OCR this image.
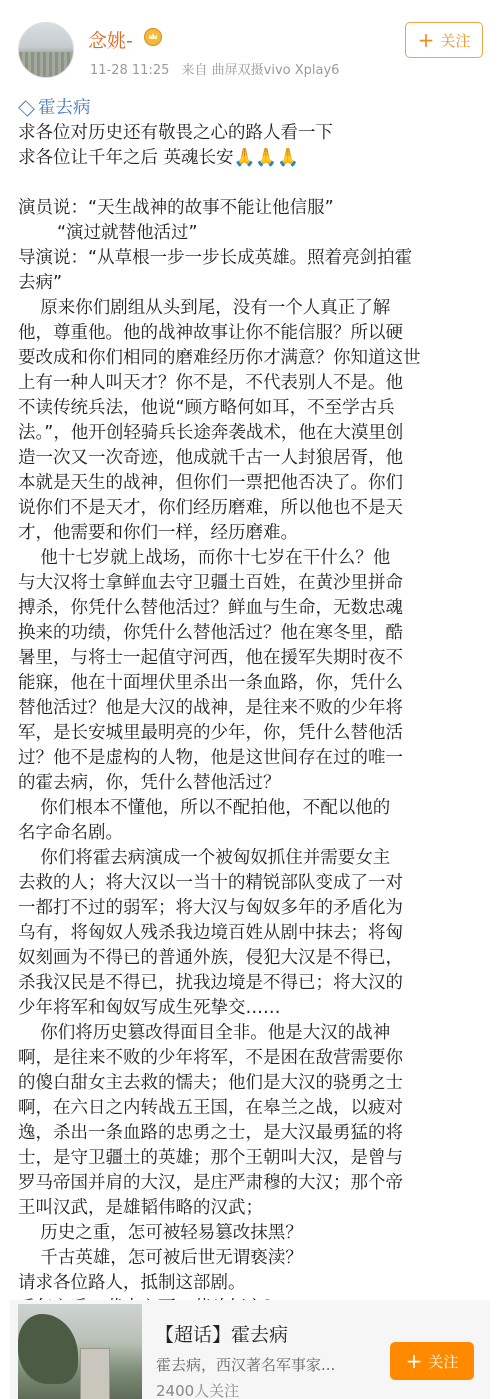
念姚-
11-28 11:25 来自 曲屏双摄vivo Xplay6
+ 关注
霍去病
求各位对历史还有敬畏之心的路人看一下
求各位让千年之后 英魂长安🙏🙏🙏

演员说：“天生战神的故事不能让他信服”
“演过就替他活过”
导演说：“从草根一步一步长成英雄。照着亮剑拍霍
去病”
原来你们剧组从头到尾，没有一个人真正了解
他，尊重他。他的战神故事让你不能信服？所以硬
要改成和你们相同的磨难经历你才满意？你知道这世
上有一种人叫天才？你不是，不代表别人不是。他
不读传统兵法，他说“顾方略何如耳，不至学古兵
法。”，他开创轻骑兵长途奔袭战术，他在大漠里创
造一次又一次奇迹，他成就千古一人封狼居胥，他
本就是天生的战神，但你们一票把他否决了。你们
说你们不是天才，你们经历磨难，所以他也不是天
才，他需要和你们一样，经历磨难。
他十七岁就上战场，而你十七岁在干什么？他
与大汉将士拿鲜血去守卫疆土百姓，在黄沙里拼命
搏杀，你凭什么替他活过？鲜血与生命，无数忠魂
换来的功绩，你凭什么替他活过？他在寒冬里，酷
暑里，与将士一起值守河西，他在援军失期时夜不
能寐，他在十面埋伏里杀出一条血路，你，凭什么
替他活过？他是大汉的战神，是往来不败的少年将
军，是长安城里最明亮的少年，你，凭什么替他活
过？他不是虚构的人物，他是这世间存在过的唯一
的霍去病，你，凭什么替他活过？
你们根本不懂他，所以不配拍他，不配以他的
名字命名剧。
你们将霍去病演成一个被匈奴抓住并需要女主
去救的人；将大汉以一当十的精锐部队变成了一对
一都打不过的弱军；将大汉与匈奴多年的矛盾化为
乌有，将匈奴人残杀我边境百姓从剧中抹去；将匈
奴刻画为不得已的普通外族，侵犯大汉是不得已，
杀我汉民是不得已，扰我边境是不得已；将大汉的
少年将军和匈奴写成生死挚交……
你们将历史篡改得面目全非。他是大汉的战神
啊，是往来不败的少年将军，不是困在敌营需要你
的傻白甜女主去救的懦夫；他们是大汉的骁勇之士
啊，在六日之内转战五王国，在皋兰之战，以疲对
逸，杀出一条血路的忠勇之士，是大汉最勇猛的将
士，是守卫疆土的英雄；那个王朝叫大汉，是曾与
罗马帝国并肩的大汉，是庄严肃穆的大汉；那个帝
王叫汉武，是雄韬伟略的汉武；
历史之重，怎可被轻易篡改抹黑？
千古英雄，怎可被后世无谓亵渎？
请求各位路人，抵制这部剧。
【超话】霍去病
霍去病，西汉著名军事家...
2400人关注
+ 关注
